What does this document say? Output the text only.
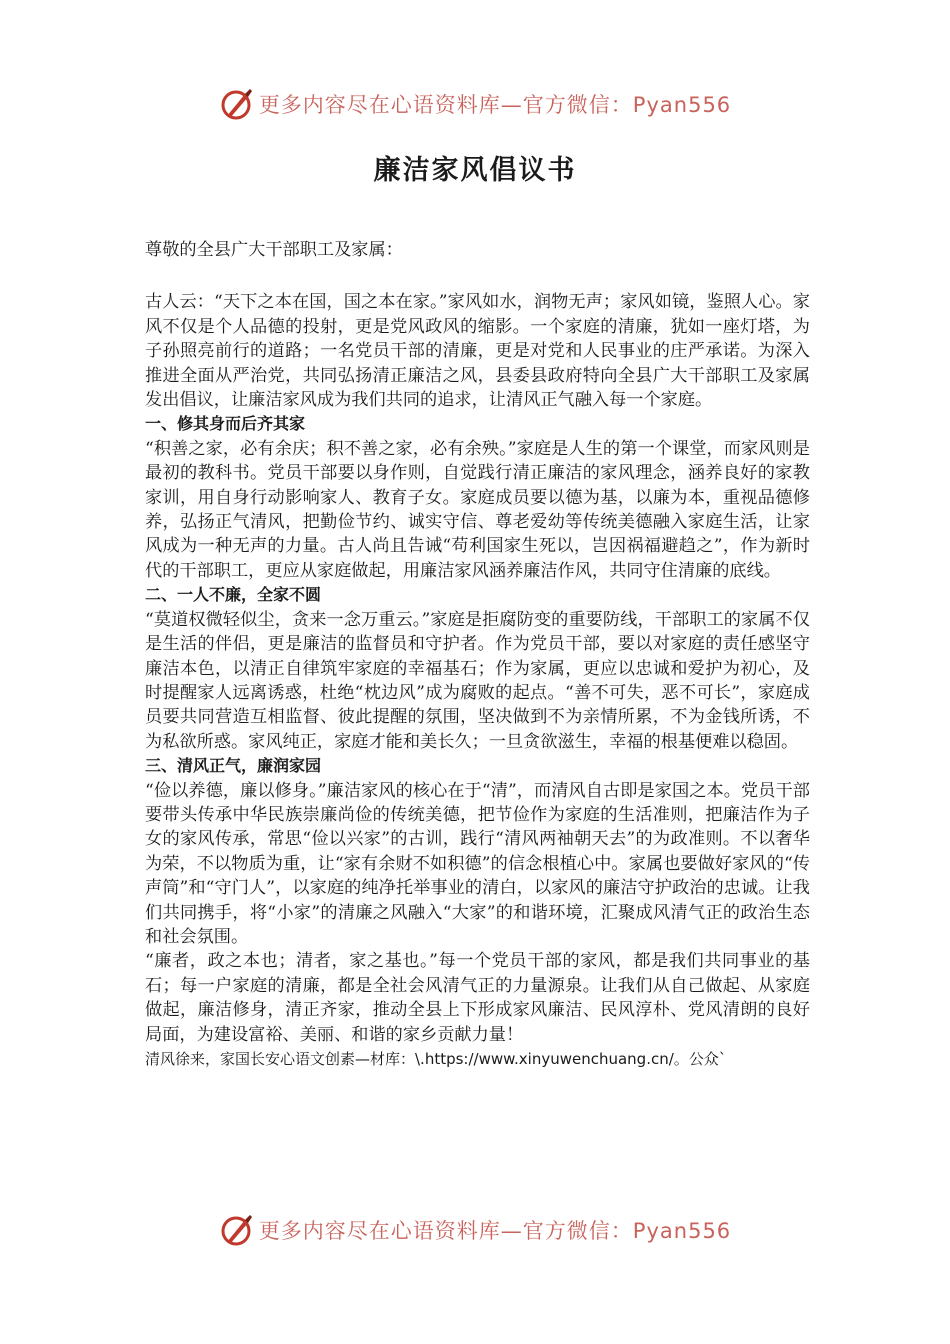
更多内容尽在心语资料库—官方微信：Pyan556
廉洁家风倡议书

尊敬的全县广大干部职工及家属：

古人云：“天下之本在国，国之本在家。”家风如水，润物无声；家风如镜，鉴照人心。家风不仅是个人品德的投射，更是党风政风的缩影。一个家庭的清廉，犹如一座灯塔，为子孙照亮前行的道路；一名党员干部的清廉，更是对党和人民事业的庄严承诺。为深入推进全面从严治党，共同弘扬清正廉洁之风，县委县政府特向全县广大干部职工及家属发出倡议，让廉洁家风成为我们共同的追求，让清风正气融入每一个家庭。

一、修其身而后齐其家

“积善之家，必有余庆；积不善之家，必有余殃。”家庭是人生的第一个课堂，而家风则是最初的教科书。党员干部要以身作则，自觉践行清正廉洁的家风理念，涵养良好的家教家训，用自身行动影响家人、教育子女。家庭成员要以德为基，以廉为本，重视品德修养，弘扬正气清风，把勤俭节约、诚实守信、尊老爱幼等传统美德融入家庭生活，让家风成为一种无声的力量。古人尚且告诫“苟利国家生死以，岂因祸福避趋之”，作为新时代的干部职工，更应从家庭做起，用廉洁家风涵养廉洁作风，共同守住清廉的底线。

二、一人不廉，全家不圆

“莫道权微轻似尘，贪来一念万重云。”家庭是拒腐防变的重要防线，干部职工的家属不仅是生活的伴侣，更是廉洁的监督员和守护者。作为党员干部，要以对家庭的责任感坚守廉洁本色，以清正自律筑牢家庭的幸福基石；作为家属，更应以忠诚和爱护为初心，及时提醒家人远离诱惑，杜绝“枕边风”成为腐败的起点。“善不可失，恶不可长”，家庭成员要共同营造互相监督、彼此提醒的氛围，坚决做到不为亲情所累，不为金钱所诱，不为私欲所惑。家风纯正，家庭才能和美长久；一旦贪欲滋生，幸福的根基便难以稳固。

三、清风正气，廉润家园

“俭以养德，廉以修身。”廉洁家风的核心在于“清”，而清风自古即是家国之本。党员干部要带头传承中华民族崇廉尚俭的传统美德，把节俭作为家庭的生活准则，把廉洁作为子女的家风传承，常思“俭以兴家”的古训，践行“清风两袖朝天去”的为政准则。不以奢华为荣，不以物质为重，让“家有余财不如积德”的信念根植心中。家属也要做好家风的“传声筒”和“守门人”，以家庭的纯净托举事业的清白，以家风的廉洁守护政治的忠诚。让我们共同携手，将“小家”的清廉之风融入“大家”的和谐环境，汇聚成风清气正的政治生态和社会氛围。

“廉者，政之本也；清者，家之基也。”每一个党员干部的家风，都是我们共同事业的基石；每一户家庭的清廉，都是全社会风清气正的力量源泉。让我们从自己做起、从家庭做起，廉洁修身，清正齐家，推动全县上下形成家风廉洁、民风淳朴、党风清朗的良好局面，为建设富裕、美丽、和谐的家乡贡献力量！

清风徐来，家国长安心语文创素—材库：\.https://www.xinyuwenchuang.cn/。公众`

更多内容尽在心语资料库—官方微信：Pyan556
